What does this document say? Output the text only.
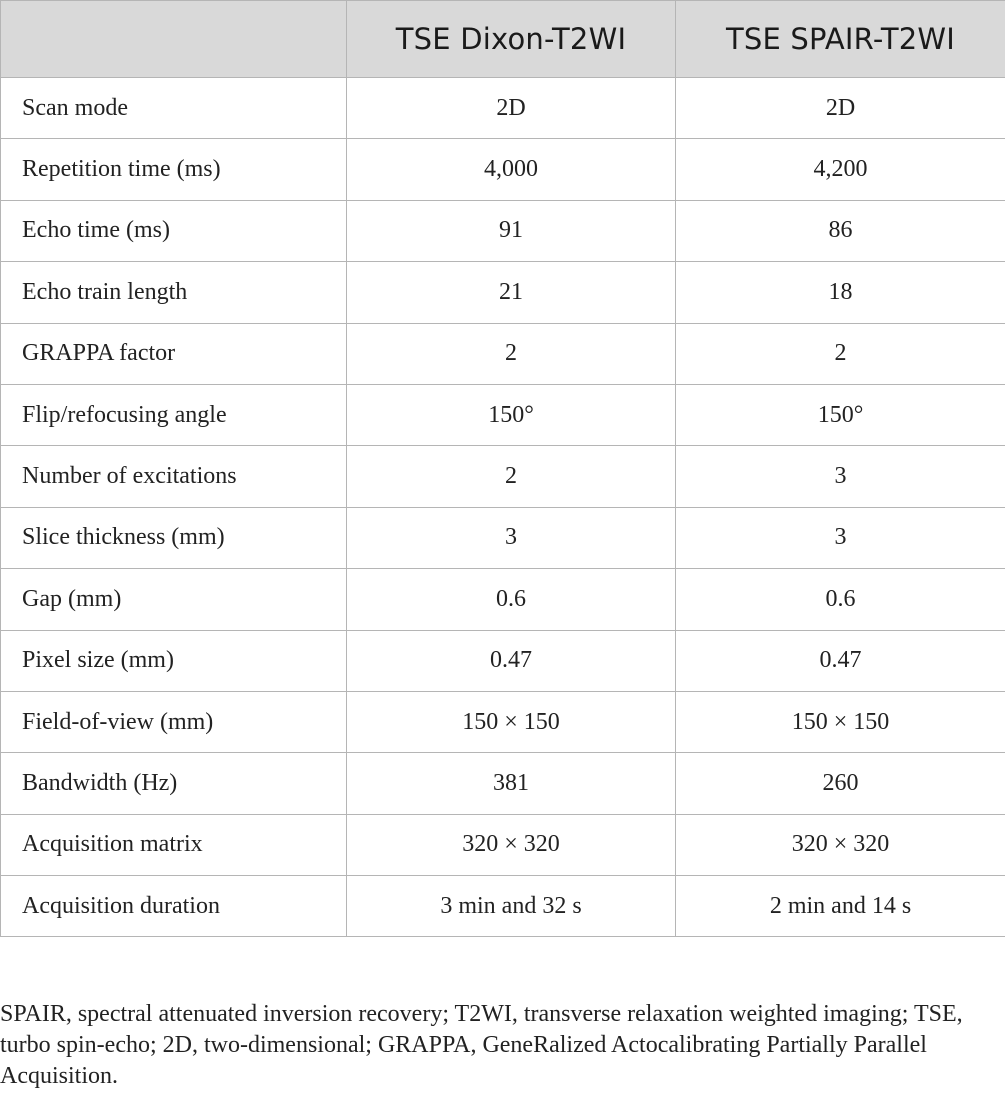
	TSE Dixon-T2WI	TSE SPAIR-T2WI
Scan mode	2D	2D
Repetition time (ms)	4,000	4,200
Echo time (ms)	91	86
Echo train length	21	18
GRAPPA factor	2	2
Flip/refocusing angle	150°	150°
Number of excitations	2	3
Slice thickness (mm)	3	3
Gap (mm)	0.6	0.6
Pixel size (mm)	0.47	0.47
Field-of-view (mm)	150 × 150	150 × 150
Bandwidth (Hz)	381	260
Acquisition matrix	320 × 320	320 × 320
Acquisition duration	3 min and 32 s	2 min and 14 s

SPAIR, spectral attenuated inversion recovery; T2WI, transverse relaxation weighted imaging; TSE, turbo spin-echo; 2D, two-dimensional; GRAPPA, GeneRalized Actocalibrating Partially Parallel Acquisition.
